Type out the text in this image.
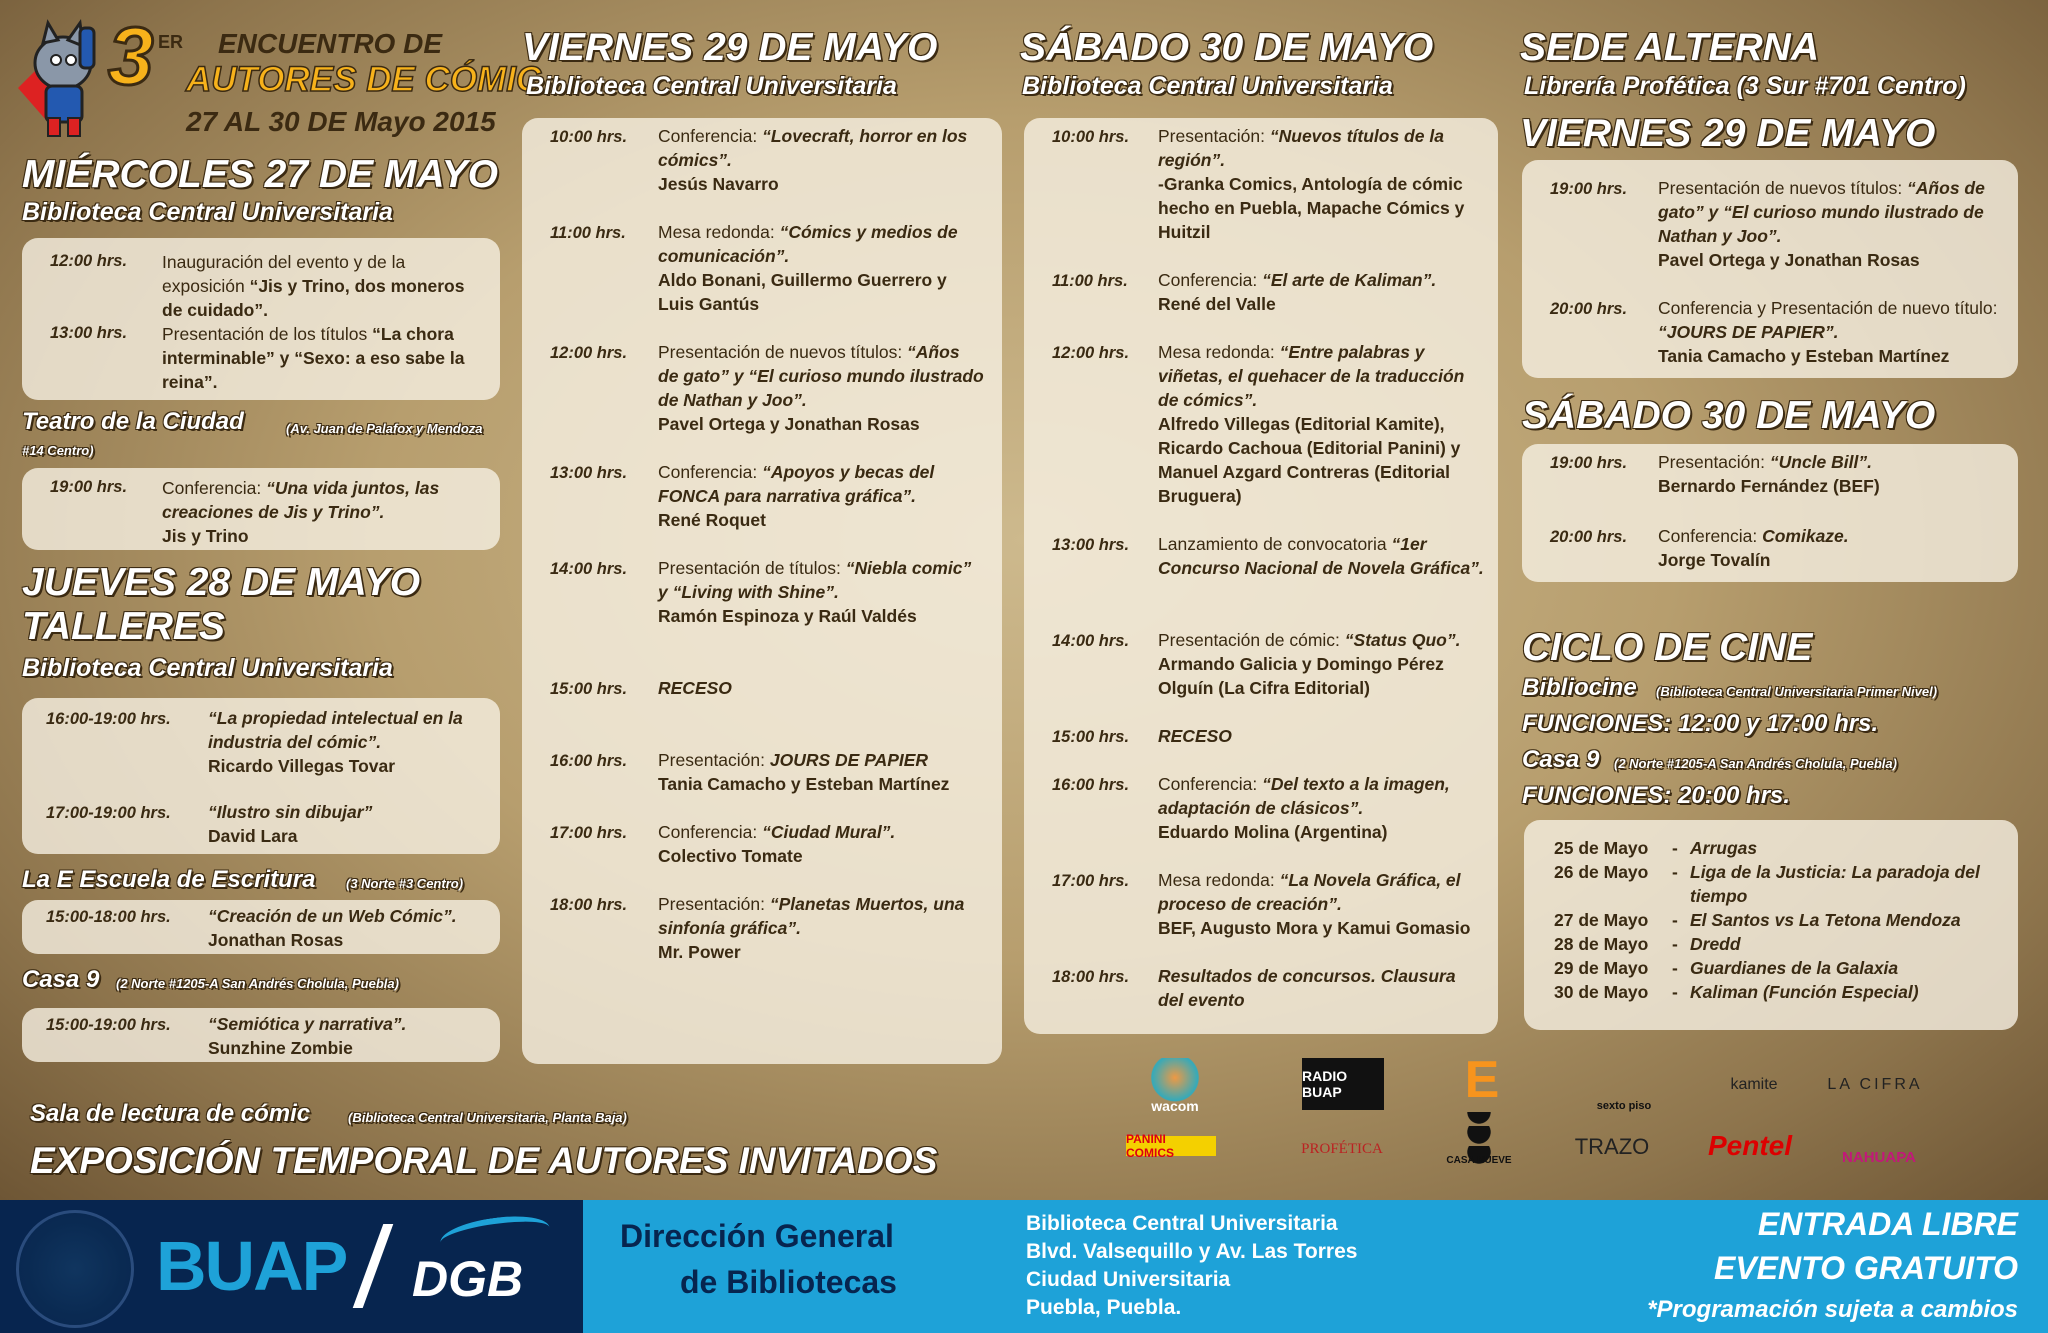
3 ER ENCUENTRO DE
AUTORES DE CÓMIC
27 AL 30 DE Mayo 2015
MIÉRCOLES 27 DE MAYO
Biblioteca Central Universitaria
12:00 hrs. Inauguración del evento y de la exposición “Jis y Trino, dos moneros de cuidado”.
13:00 hrs. Presentación de los títulos “La chora interminable” y “Sexo: a eso sabe la reina”.
Teatro de la Ciudad	(Av. Juan de Palafox y Mendoza #14 Centro)
19:00 hrs. Conferencia: “Una vida juntos, las creaciones de Jis y Trino”.
Jis y Trino
JUEVES 28 DE MAYO
TALLERES
Biblioteca Central Universitaria
16:00-19:00 hrs. “La propiedad intelectual en la industria del cómic”.
Ricardo Villegas Tovar
17:00-19:00 hrs. “Ilustro sin dibujar”
David Lara
La E Escuela de Escritura (3 Norte #3 Centro)
15:00-18:00 hrs. “Creación de un Web Cómic”.
Jonathan Rosas
Casa 9 (2 Norte #1205-A San Andrés Cholula, Puebla)
15:00-19:00 hrs. “Semiótica y narrativa”.
Sunzhine Zombie
Sala de lectura de cómic	(Biblioteca Central Universitaria, Planta Baja)
EXPOSICIÓN TEMPORAL DE AUTORES INVITADOS
VIERNES 29 DE MAYO
Biblioteca Central Universitaria
10:00 hrs. Conferencia: “Lovecraft, horror en los cómics”.
Jesús Navarro
11:00 hrs. Mesa redonda: “Cómics y medios de comunicación”.
Aldo Bonani, Guillermo Guerrero y Luis Gantús
12:00 hrs. Presentación de nuevos títulos: “Años de gato” y “El curioso mundo ilustrado de Nathan y Joo”.
Pavel Ortega y Jonathan Rosas
13:00 hrs. Conferencia: “Apoyos y becas del FONCA para narrativa gráfica”.
René Roquet
14:00 hrs. Presentación de títulos: “Niebla comic” y “Living with Shine”.
Ramón Espinoza y Raúl Valdés
15:00 hrs. RECESO
16:00 hrs. Presentación: JOURS DE PAPIER
Tania Camacho y Esteban Martínez
17:00 hrs. Conferencia: “Ciudad Mural”.
Colectivo Tomate
18:00 hrs. Presentación: “Planetas Muertos, una sinfonía gráfica”.
Mr. Power
SÁBADO 30 DE MAYO
Biblioteca Central Universitaria
10:00 hrs. Presentación: “Nuevos títulos de la región”.
-Granka Comics, Antología de cómic hecho en Puebla, Mapache Cómics y Huitzil
11:00 hrs. Conferencia: “El arte de Kaliman”.
René del Valle
12:00 hrs. Mesa redonda: “Entre palabras y viñetas, el quehacer de la traducción de cómics”.
Alfredo Villegas (Editorial Kamite), Ricardo Cachoua (Editorial Panini) y Manuel Azgard Contreras (Editorial Bruguera)
13:00 hrs. Lanzamiento de convocatoria “1er Concurso Nacional de Novela Gráfica”.
14:00 hrs. Presentación de cómic: “Status Quo”.
Armando Galicia y Domingo Pérez Olguín (La Cifra Editorial)
15:00 hrs. RECESO
16:00 hrs. Conferencia: “Del texto a la imagen, adaptación de clásicos”.
Eduardo Molina (Argentina)
17:00 hrs. Mesa redonda: “La Novela Gráfica, el proceso de creación”.
BEF, Augusto Mora y Kamui Gomasio
18:00 hrs. Resultados de concursos. Clausura del evento
SEDE ALTERNA
Librería Profética (3 Sur #701 Centro)
VIERNES 29 DE MAYO
19:00 hrs. Presentación de nuevos títulos: “Años de gato” y “El curioso mundo ilustrado de Nathan y Joo”.
Pavel Ortega y Jonathan Rosas
20:00 hrs. Conferencia y Presentación de nuevo título: “JOURS DE PAPIER”.
Tania Camacho y Esteban Martínez
SÁBADO 30 DE MAYO
19:00 hrs. Presentación: “Uncle Bill”.
Bernardo Fernández (BEF)
20:00 hrs. Conferencia: Comikaze.
Jorge Tovalín
CICLO DE CINE
Bibliocine (Biblioteca Central Universitaria Primer Nivel)
FUNCIONES: 12:00 y 17:00 hrs.
Casa 9 (2 Norte #1205-A San Andrés Cholula, Puebla)
FUNCIONES: 20:00 hrs.
25 de Mayo - Arrugas
26 de Mayo - Liga de la Justicia: La paradoja del tiempo
27 de Mayo - El Santos vs La Tetona Mendoza
28 de Mayo - Dredd
29 de Mayo - Guardianes de la Galaxia
30 de Mayo - Kaliman (Función Especial)
wacom
RADIO BUAP	E	sexto piso
kamite	LA CIFRA
PANINI COMICS	PROFÉTICA
CASA NUEVE
TRAZO Pentel	NAHUAPA
BUAP DGB
Dirección General
de Bibliotecas
Biblioteca Central Universitaria
Blvd. Valsequillo y Av. Las Torres
Ciudad Universitaria
Puebla, Puebla.
ENTRADA LIBRE
EVENTO GRATUITO
*Programación sujeta a cambios
